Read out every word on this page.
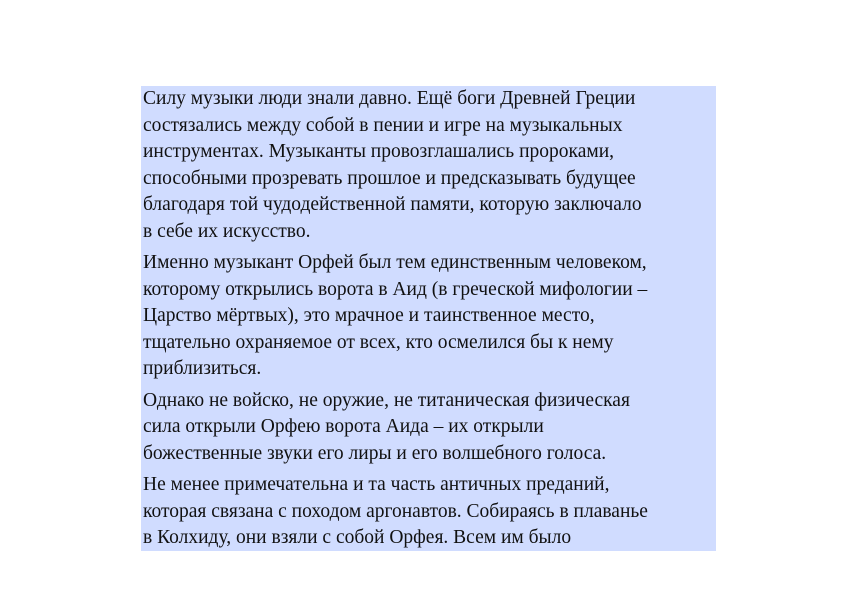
Силу музыки люди знали давно. Ещё боги Древней Греции
состязались между собой в пении и игре на музыкальных
инструментах. Музыканты провозглашались пророками,
способными прозревать прошлое и предсказывать будущее
благодаря той чудодейственной памяти, которую заключало
в себе их искусство.

Именно музыкант Орфей был тем единственным человеком,
которому открылись ворота в Аид (в греческой мифологии –
Царство мёртвых), это мрачное и таинственное место,
тщательно охраняемое от всех, кто осмелился бы к нему
приблизиться.

Однако не войско, не оружие, не титаническая физическая
сила открыли Орфею ворота Аида – их открыли
божественные звуки его лиры и его волшебного голоса.

Не менее примечательна и та часть античных преданий,
которая связана с походом аргонавтов. Собираясь в плаванье
в Колхиду, они взяли с собой Орфея. Всем им было
